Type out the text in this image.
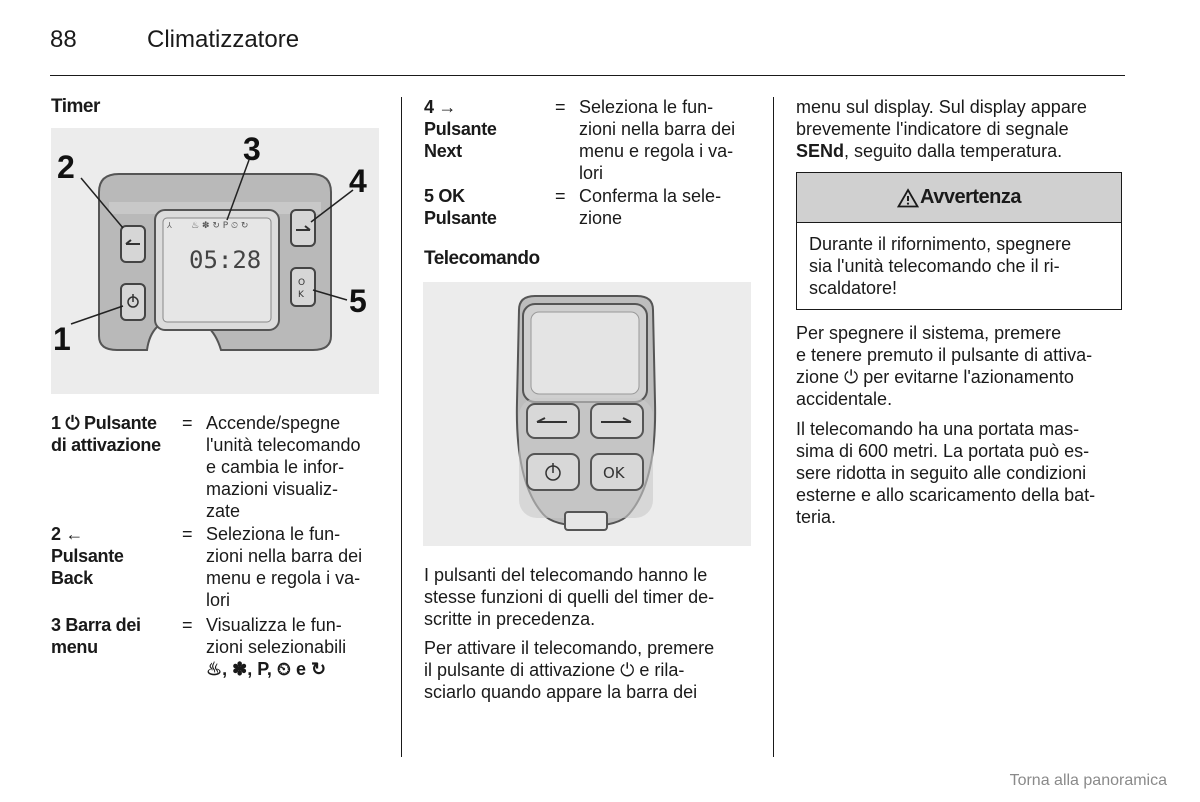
88	Climatizzatore
Timer
♨ ✽ ↻ P ⏲ ↻
05:28
⅄
O
K
2
1
3
4
5
1 ⏻ Pulsante
di attivazione
= Accende/spegne
l'unità telecomando
e cambia le infor-
mazioni visualiz-
zate
2 ←
Pulsante
Back
= Seleziona le fun-
zioni nella barra dei
menu e regola i va-
lori
3 Barra dei
menu
= Visualizza le fun-
zioni selezionabili
♨, ✽, P, ⏲ e ↻
4 →
Pulsante
Next
= Seleziona le fun-
zioni nella barra dei
menu e regola i va-
lori
5 OK
Pulsante
= Conferma la sele-
zione
Telecomando
OK
I pulsanti del telecomando hanno le
stesse funzioni di quelli del timer de-
scritte in precedenza.
Per attivare il telecomando, premere
il pulsante di attivazione ⏻ e rila-
sciarlo quando appare la barra dei
menu sul display. Sul display appare
brevemente l'indicatore di segnale
SENd, seguito dalla temperatura.
Avvertenza
Durante il rifornimento, spegnere
sia l'unità telecomando che il ri-
scaldatore!
Per spegnere il sistema, premere
e tenere premuto il pulsante di attiva-
zione ⏻ per evitarne l'azionamento
accidentale.
Il telecomando ha una portata mas-
sima di 600 metri. La portata può es-
sere ridotta in seguito alle condizioni
esterne e allo scaricamento della bat-
teria.
Torna alla panoramica
